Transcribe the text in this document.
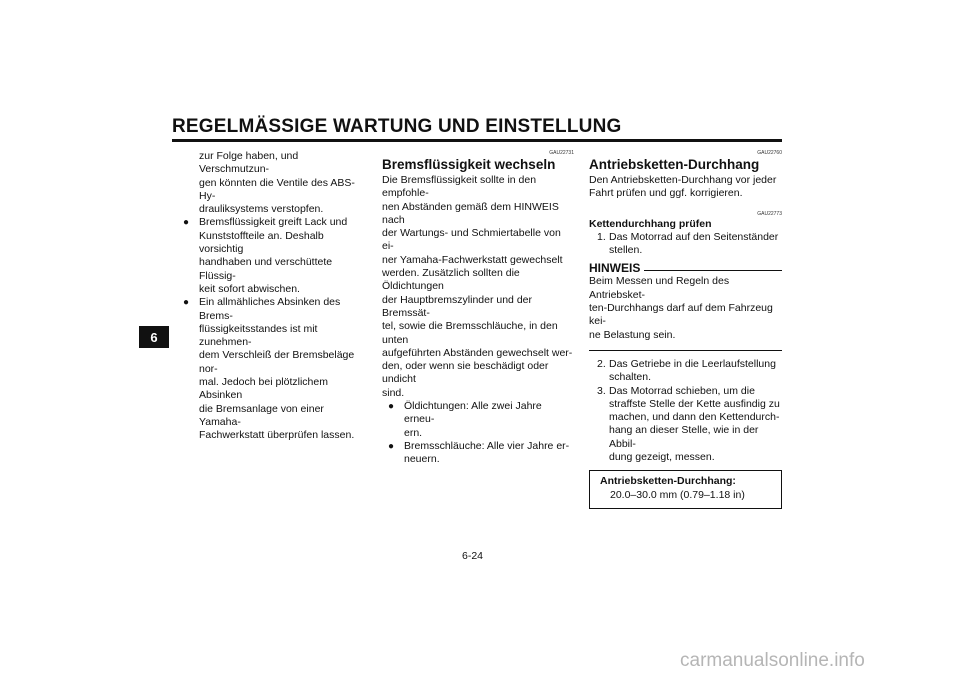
REGELMÄSSIGE WARTUNG UND EINSTELLUNG
6
zur Folge haben, und Verschmutzun-
gen könnten die Ventile des ABS-Hy-
drauliksystems verstopfen.
● Bremsflüssigkeit greift Lack und
Kunststoffteile an. Deshalb vorsichtig
handhaben und verschüttete Flüssig-
keit sofort abwischen.
● Ein allmähliches Absinken des Brems-
flüssigkeitsstandes ist mit zunehmen-
dem Verschleiß der Bremsbeläge nor-
mal. Jedoch bei plötzlichem Absinken
die Bremsanlage von einer Yamaha-
Fachwerkstatt überprüfen lassen.
GAU22731
Bremsflüssigkeit wechseln
Die Bremsflüssigkeit sollte in den empfohle-
nen Abständen gemäß dem HINWEIS nach
der Wartungs- und Schmiertabelle von ei-
ner Yamaha-Fachwerkstatt gewechselt
werden. Zusätzlich sollten die Öldichtungen
der Hauptbremszylinder und der Bremssät-
tel, sowie die Bremsschläuche, in den unten
aufgeführten Abständen gewechselt wer-
den, oder wenn sie beschädigt oder undicht
sind.
● Öldichtungen: Alle zwei Jahre erneu-
ern.
● Bremsschläuche: Alle vier Jahre er-
neuern.
GAU22760
Antriebsketten-Durchhang
Den Antriebsketten-Durchhang vor jeder
Fahrt prüfen und ggf. korrigieren.
GAU22773
Kettendurchhang prüfen
1. Das Motorrad auf den Seitenständer
stellen.
HINWEIS
Beim Messen und Regeln des Antriebsket-
ten-Durchhangs darf auf dem Fahrzeug kei-
ne Belastung sein.
2. Das Getriebe in die Leerlaufstellung
schalten.
3. Das Motorrad schieben, um die
straffste Stelle der Kette ausfindig zu
machen, und dann den Kettendurch-
hang an dieser Stelle, wie in der Abbil-
dung gezeigt, messen.
Antriebsketten-Durchhang:
20.0–30.0 mm (0.79–1.18 in)
6-24
carmanualsonline.info
